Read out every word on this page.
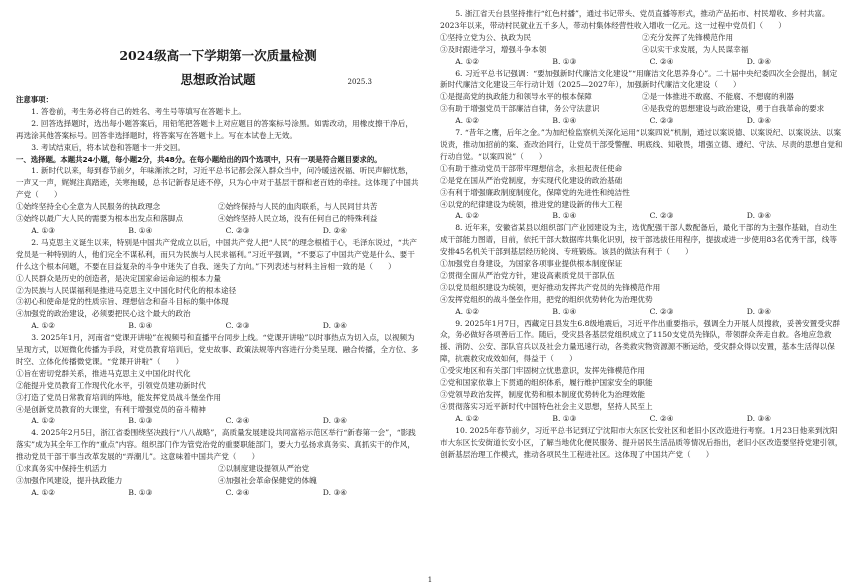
2024级高一下学期第一次质量检测
思想政治试题	2025.3
注意事项：

1. 答卷前，考生务必将自己的姓名、考生号等填写在答题卡上。

2. 回答选择题时，选出每小题答案后，用铅笔把答题卡上对应题目的答案标号涂黑。如需改动，用橡皮擦干净后，再选涂其他答案标号。回答非选择题时，将答案写在答题卡上。写在本试卷上无效。

3. 考试结束后，将本试卷和答题卡一并交回。

一、选择题。本题共24小题，每小题2分，共48分。在每小题给出的四个选项中，只有一项是符合题目要求的。

1. 新时代以来，每到春节前夕，年味渐浓之时，习近平总书记都会深入群众当中，问冷暖送祝福、听民声解忧愁，一声又一声，娓娓注真踏迹，关寒拖暖，总书记新春足迹不停，只为心中对于基层干群和老百姓的牵挂。这体现了中国共产党（　　）

①始终坚持全心全意为人民服务的执政理念	②始终保持与人民的血肉联系，与人民同甘共苦
③始终以最广大人民的需要为根本出发点和落脚点	④始终坚持人民立场，没有任何自己的特殊利益
A. ①③	B. ①④	C. ②③	D. ②④

2. 马克思主义诞生以来，特别是中国共产党成立以后，中国共产党人把“人民”的理念根植于心，毛泽东说过，“共产党员是一种特别的人，他们完全不谋私利，而只为民族与人民求福利。”习近平强调，“不要忘了中国共产党是什么、要干什么这个根本问题，不要在目益复杂的斗争中迷失了自我、迷失了方向。”下列表述与材料主旨相一致的是（　　）

①人民群众是历史的创造者，是决定国家命运命运的根本力量

②为民族与人民谋福利是推进马克思主义中国化时代化的根本途径

③初心和使命是党的性质宗旨、理想信念和奋斗目标的集中体现

④加强党的政治建设，必须要把民心这个最大的政治

A. ①②	B. ①④	C. ②③	D. ③④

3. 2025年1月，河南省“党课开讲啦”在视频号和直播平台同步上线。“党课开讲啦”以时事热点为切入点，以视频为呈现方式，以短微化传播为手段，对党员教育培训后，党史故事、政策法规等内容进行分类呈现、融合传播，全方位、多时空、立体化传播微党课。“党课开讲啦”（　　）

①旨在密切党群关系，推进马克思主义中国化时代化

②能提升党员教育工作现代化水平，引领党员建功新时代

③打造了党员日常教育培训的阵地，能发挥党员战斗堡垒作用

④是创新党员教育的大课堂，有利于增强党员的奋斗精神

A. ①②	B. ①③	C. ②④	D. ③④

4. 2025年2月5日，浙江省委围绕坚决践行“八八战略”，高质量发展建设共同富裕示范区举行“新春第一会”，“影践落实”成为其全年工作的“重点”内容。组织部门作为管党治党的重要职能部门，要大力弘扬求真务实、真抓实干的作风，推动党员干部干事当改革发展的“弄潮儿”。这意味着中国共产党（　　）

①求真务实中保持生机活力	②以制度建设提领从严治党
③加强作风建设，提升执政能力	④加强社会革命保健党的体魄
A. ①②	B. ①③	C. ②④	D. ③④

5. 浙江省天台县坚持推行“红色村播”，通过书记带头、党员直播等形式，推动产品拓市、村民增收、乡村共富。2023年以来，带动村民就业五千多人，带动村集体经营性收入增收一亿元。这一过程中党员们（　　）

①坚持立党为公、执政为民	②充分发挥了先锋模范作用
③及时跟进学习，增强斗争本领	④以实干求发展，为人民谋幸福
A. ①②	B. ①③	C. ②④	D. ③④

6. 习近平总书记强调：“要加强新时代廉洁文化建设”“用廉洁文化思养身心”。二十届中央纪委四次全会提出，制定新时代廉洁文化建设三年行动计划（2025—2027年），加强新时代廉洁文化建设（　　）

①是提高党的执政能力和领导水平的根本保障	②是一体推进不敢腐、不能腐、不想腐的利器
③有助于增强党员干部廉洁自律，务公守法意识	④是我党的思想建设与政治建设，勇于自我革命的要求
A. ①②	B. ①④	C. ②③	D. ③④

7. “昔年之鹰，后年之金。”为加纪检监察机关深化运用“以案四说”机制，通过以案说德、以案说纪、以案说法、以案说责，推动加招前的案、查改治同行，让党员干部受警醒、明底线、知敬畏，增强立德、遵纪、守法、尽责的思想自觉和行动自觉。“以案四说”（　　）

①有助于推动党员干部带牢理想信念，永担起责任使命

②是党在国从严治党制度，夯实现代化建设的政治基础

③有利于增强廉政制度制度化，保障党的先进性和纯洁性

④以党的纪律建设为统领，推进党的建设新的伟大工程

A. ①②	B. ①④	C. ②③	D. ③④

8. 近年来，安徽省某县以组织部门产业园建设为主，选优配强干部人数配备后，最化干部的为主强作基础，自动生成干部能力图谱，目前，依托干部大数据库共集化识别，按干部选拔任用程序，提拔或进一步使用83名优秀干部，线等安排45名机关干部到基层经历轮岗、专班锻炼。该县的做法有利于（　　）

①加强党自身建设，为国家各项事业提供根本制度保证

②贯彻全面从严治党方针，建设高素质党员干部队伍

③以党员组织建设为统领，更好推动发挥共产党员的先锋模范作用

④发挥党组织的战斗堡垒作用，把党的组织优势转化为治理优势

A. ①②	B. ①④	C. ②③	D. ③④

9. 2025年1月7日，西藏定日县发生6.8级地震后，习近平作出重要指示，强调全力开展人员搜救，妥善安置受灾群众，务必做好各项善后工作。随后，受灾县各基层党组织成立了1150支党员先锋队，带领群众奔走自救。各地应急救援、消防、公安、部队官兵以及社会力量迅速行动，各类救灾物资源源不断运给，受灾群众得以安置，基本生活得以保障，抗震救灾成效如何，得益于（　　）

①受灾地区和有关部门牢固树立忧患意识，发挥先锋模范作用

②党和国家依靠上下贯通的组织体系，履行维护国家安全的职能

③党领导政治发挥，制度优势和根本制度优势转化为治理效能

④贯彻落实习近平新时代中国特色社会主义思想，坚持人民至上

A. ①②	B. ①③	C. ②④	D. ③④

10. 2025年春节前夕，习近平总书记到辽宁沈阳市大东区长安社区和老旧小区改造进行考察。1月23日他来到沈阳市大东区长安街道长安小区，了解当地优化便民服务、提升居民生活品质等情况后指出，老旧小区改造要坚持党建引领，创新基层治理工作模式，推动各项民生工程进社区。这体现了中国共产党（　　）

1
